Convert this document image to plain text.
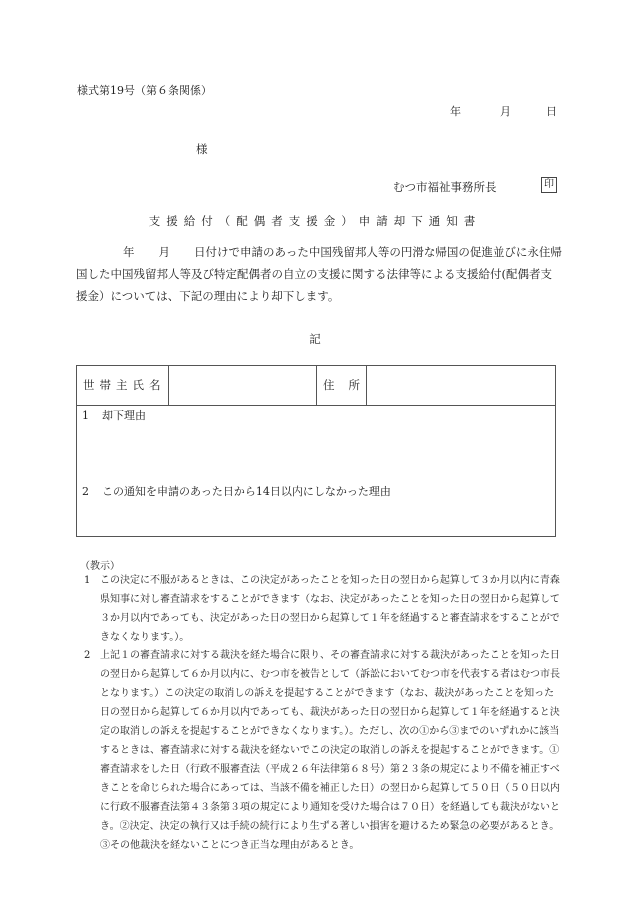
様式第19号（第６条関係）
年	月	日
様
むつ市福祉事務所長	印
支援給付（配偶者支援金）申請却下通知書
年 月 日付けで申請のあった中国残留邦人等の円滑な帰国の促進並びに永住帰国した中国残留邦人等及び特定配偶者の自立の支援に関する法律等による支援給付(配偶者支援金）については、下記の理由により却下します。
記
世帯主氏名	住 所
1 却下理由
2 この通知を申請のあった日から14日以内にしなかった理由
（教示）
1 この決定に不服があるときは、この決定があったことを知った日の翌日から起算して３か月以内に青森県知事に対し審査請求をすることができます（なお、決定があったことを知った日の翌日から起算して３か月以内であっても、決定があった日の翌日から起算して１年を経過すると審査請求をすることができなくなります。）。
2 上記１の審査請求に対する裁決を経た場合に限り、その審査請求に対する裁決があったことを知った日の翌日から起算して６か月以内に、むつ市を被告として（訴訟においてむつ市を代表する者はむつ市長となります。）この決定の取消しの訴えを提起することができます（なお、裁決があったことを知った日の翌日から起算して６か月以内であっても、裁決があった日の翌日から起算して１年を経過すると決定の取消しの訴えを提起することができなくなります。）。ただし、次の①から③までのいずれかに該当するときは、審査請求に対する裁決を経ないでこの決定の取消しの訴えを提起することができます。①審査請求をした日（行政不服審査法（平成２６年法律第６８号）第２３条の規定により不備を補正すべきことを命じられた場合にあっては、当該不備を補正した日）の翌日から起算して５０日（５０日以内に行政不服審査法第４３条第３項の規定により通知を受けた場合は７０日）を経過しても裁決がないとき。②決定、決定の執行又は手続の続行により生ずる著しい損害を避けるため緊急の必要があるとき。③その他裁決を経ないことにつき正当な理由があるとき。
